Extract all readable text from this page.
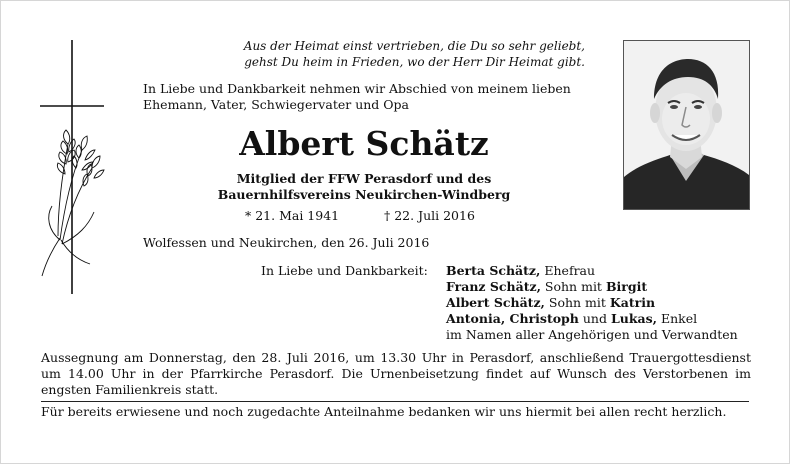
Aus der Heimat einst vertrieben, die Du so sehr geliebt,
gehst Du heim in Frieden, wo der Herr Dir Heimat gibt.
In Liebe und Dankbarkeit nehmen wir Abschied von meinem lieben Ehemann, Vater, Schwiegervater und Opa
Albert Schätz
Mitglied der FFW Perasdorf und des
Bauernhilfsvereins Neukirchen-Windberg
* 21. Mai 1941	† 22. Juli 2016
Wolfessen und Neukirchen, den 26. Juli 2016
In Liebe und Dankbarkeit: Berta Schätz, Ehefrau
Franz Schätz, Sohn mit Birgit
Albert Schätz, Sohn mit Katrin
Antonia, Christoph und Lukas, Enkel
im Namen aller Angehörigen und Verwandten
Aussegnung am Donnerstag, den 28. Juli 2016, um 13.30 Uhr in Perasdorf, anschließend Trauergottesdienst um 14.00 Uhr in der Pfarrkirche Perasdorf. Die Urnenbeisetzung findet auf Wunsch des Verstorbenen im engsten Familienkreis statt.
Für bereits erwiesene und noch zugedachte Anteilnahme bedanken wir uns hiermit bei allen recht herzlich.
